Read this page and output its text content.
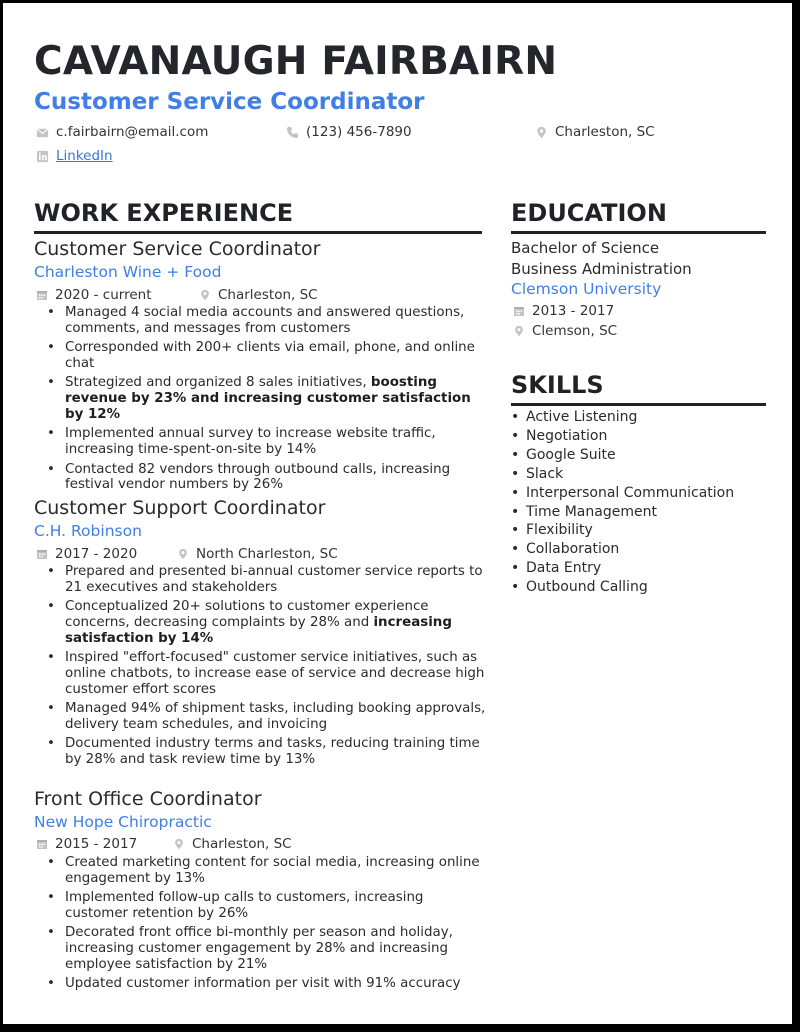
CAVANAUGH FAIRBAIRN
Customer Service Coordinator
c.fairbairn@email.com	(123) 456-7890	Charleston, SC
LinkedIn
WORK EXPERIENCE
Customer Service Coordinator
Charleston Wine + Food
2020 - current	Charleston, SC
• Managed 4 social media accounts and answered questions, comments, and messages from customers
• Corresponded with 200+ clients via email, phone, and online chat
• Strategized and organized 8 sales initiatives, boosting revenue by 23% and increasing customer satisfaction by 12%
• Implemented annual survey to increase website traffic, increasing time-spent-on-site by 14%
• Contacted 82 vendors through outbound calls, increasing festival vendor numbers by 26%
Customer Support Coordinator
C.H. Robinson
2017 - 2020	North Charleston, SC
• Prepared and presented bi-annual customer service reports to 21 executives and stakeholders
• Conceptualized 20+ solutions to customer experience concerns, decreasing complaints by 28% and increasing satisfaction by 14%
• Inspired "effort-focused" customer service initiatives, such as online chatbots, to increase ease of service and decrease high customer effort scores
• Managed 94% of shipment tasks, including booking approvals, delivery team schedules, and invoicing
• Documented industry terms and tasks, reducing training time by 28% and task review time by 13%
Front Office Coordinator
New Hope Chiropractic
2015 - 2017	Charleston, SC
• Created marketing content for social media, increasing online engagement by 13%
• Implemented follow-up calls to customers, increasing customer retention by 26%
• Decorated front office bi-monthly per season and holiday, increasing customer engagement by 28% and increasing employee satisfaction by 21%
• Updated customer information per visit with 91% accuracy
EDUCATION
Bachelor of Science
Business Administration
Clemson University
2013 - 2017
Clemson, SC
SKILLS
• Active Listening
• Negotiation
• Google Suite
• Slack
• Interpersonal Communication
• Time Management
• Flexibility
• Collaboration
• Data Entry
• Outbound Calling
